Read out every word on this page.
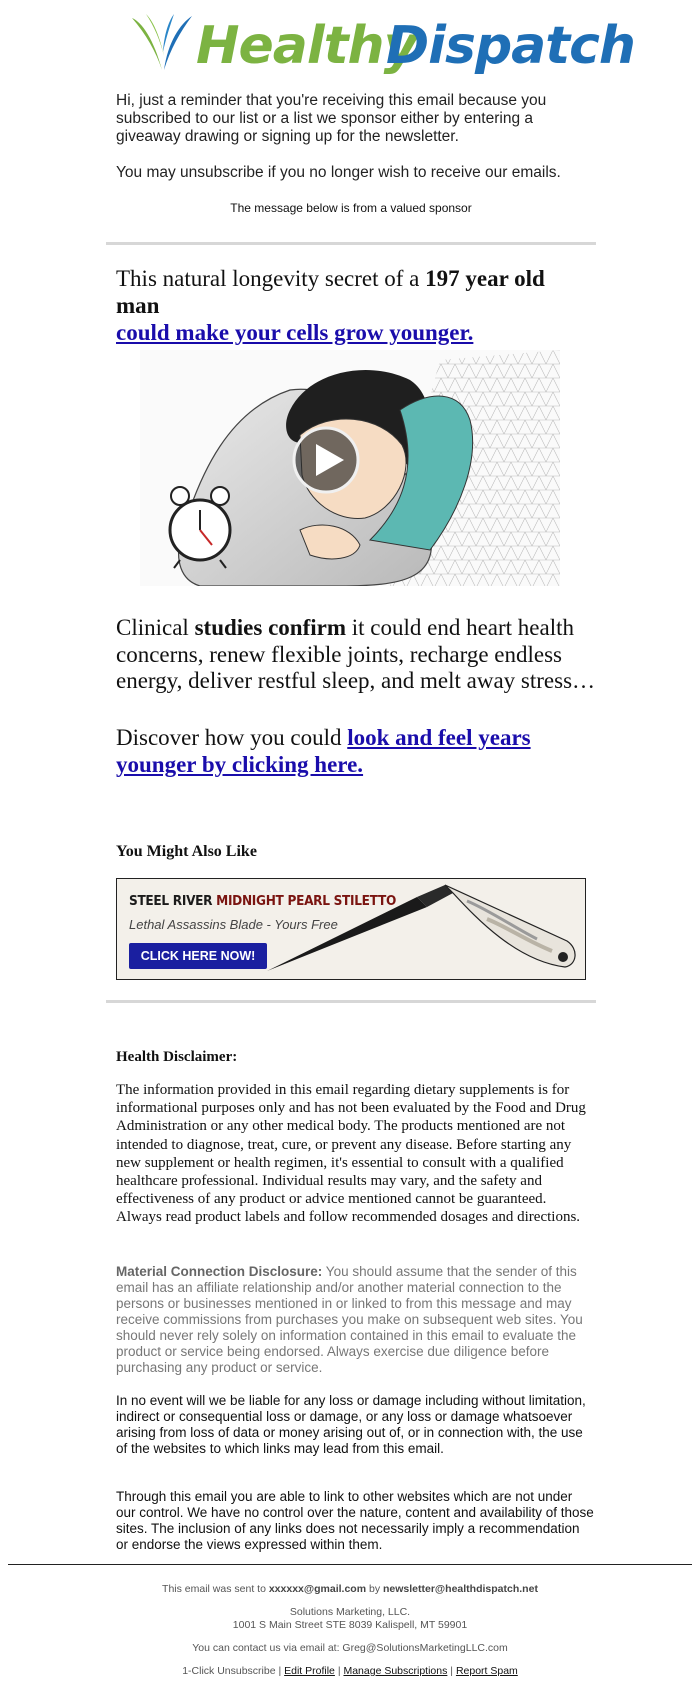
Healthy
Dispatch

Hi, just a reminder that you're receiving this email because you subscribed to our list or a list we sponsor either by entering a giveaway drawing or signing up for the newsletter.

You may unsubscribe if you no longer wish to receive our emails.

The message below is from a valued sponsor
This natural longevity secret of a 197 year old man
could make your cells grow younger.
Clinical studies confirm it could end heart health concerns, renew flexible joints, recharge endless energy, deliver restful sleep, and melt away stress…
Discover how you could look and feel years younger by clicking here.
You Might Also Like
STEEL RIVER MIDNIGHT PEARL STILETTO
Lethal Assassins Blade - Yours Free
CLICK HERE NOW!
Health Disclaimer:
The information provided in this email regarding dietary supplements is for informational purposes only and has not been evaluated by the Food and Drug Administration or any other medical body. The products mentioned are not intended to diagnose, treat, cure, or prevent any disease. Before starting any new supplement or health regimen, it's essential to consult with a qualified healthcare professional. Individual results may vary, and the safety and effectiveness of any product or advice mentioned cannot be guaranteed. Always read product labels and follow recommended dosages and directions.
Material Connection Disclosure: You should assume that the sender of this email has an affiliate relationship and/or another material connection to the persons or businesses mentioned in or linked to from this message and may receive commissions from purchases you make on subsequent web sites. You should never rely solely on information contained in this email to evaluate the product or service being endorsed. Always exercise due diligence before purchasing any product or service.
In no event will we be liable for any loss or damage including without limitation, indirect or consequential loss or damage, or any loss or damage whatsoever arising from loss of data or money arising out of, or in connection with, the use of the websites to which links may lead from this email.
Through this email you are able to link to other websites which are not under our control. We have no control over the nature, content and availability of those sites. The inclusion of any links does not necessarily imply a recommendation or endorse the views expressed within them.
This email was sent to xxxxxx@gmail.com by newsletter@healthdispatch.net
Solutions Marketing, LLC.
1001 S Main Street STE 8039 Kalispell, MT 59901
You can contact us via email at: Greg@SolutionsMarketingLLC.com
1-Click Unsubscribe | Edit Profile | Manage Subscriptions | Report Spam
